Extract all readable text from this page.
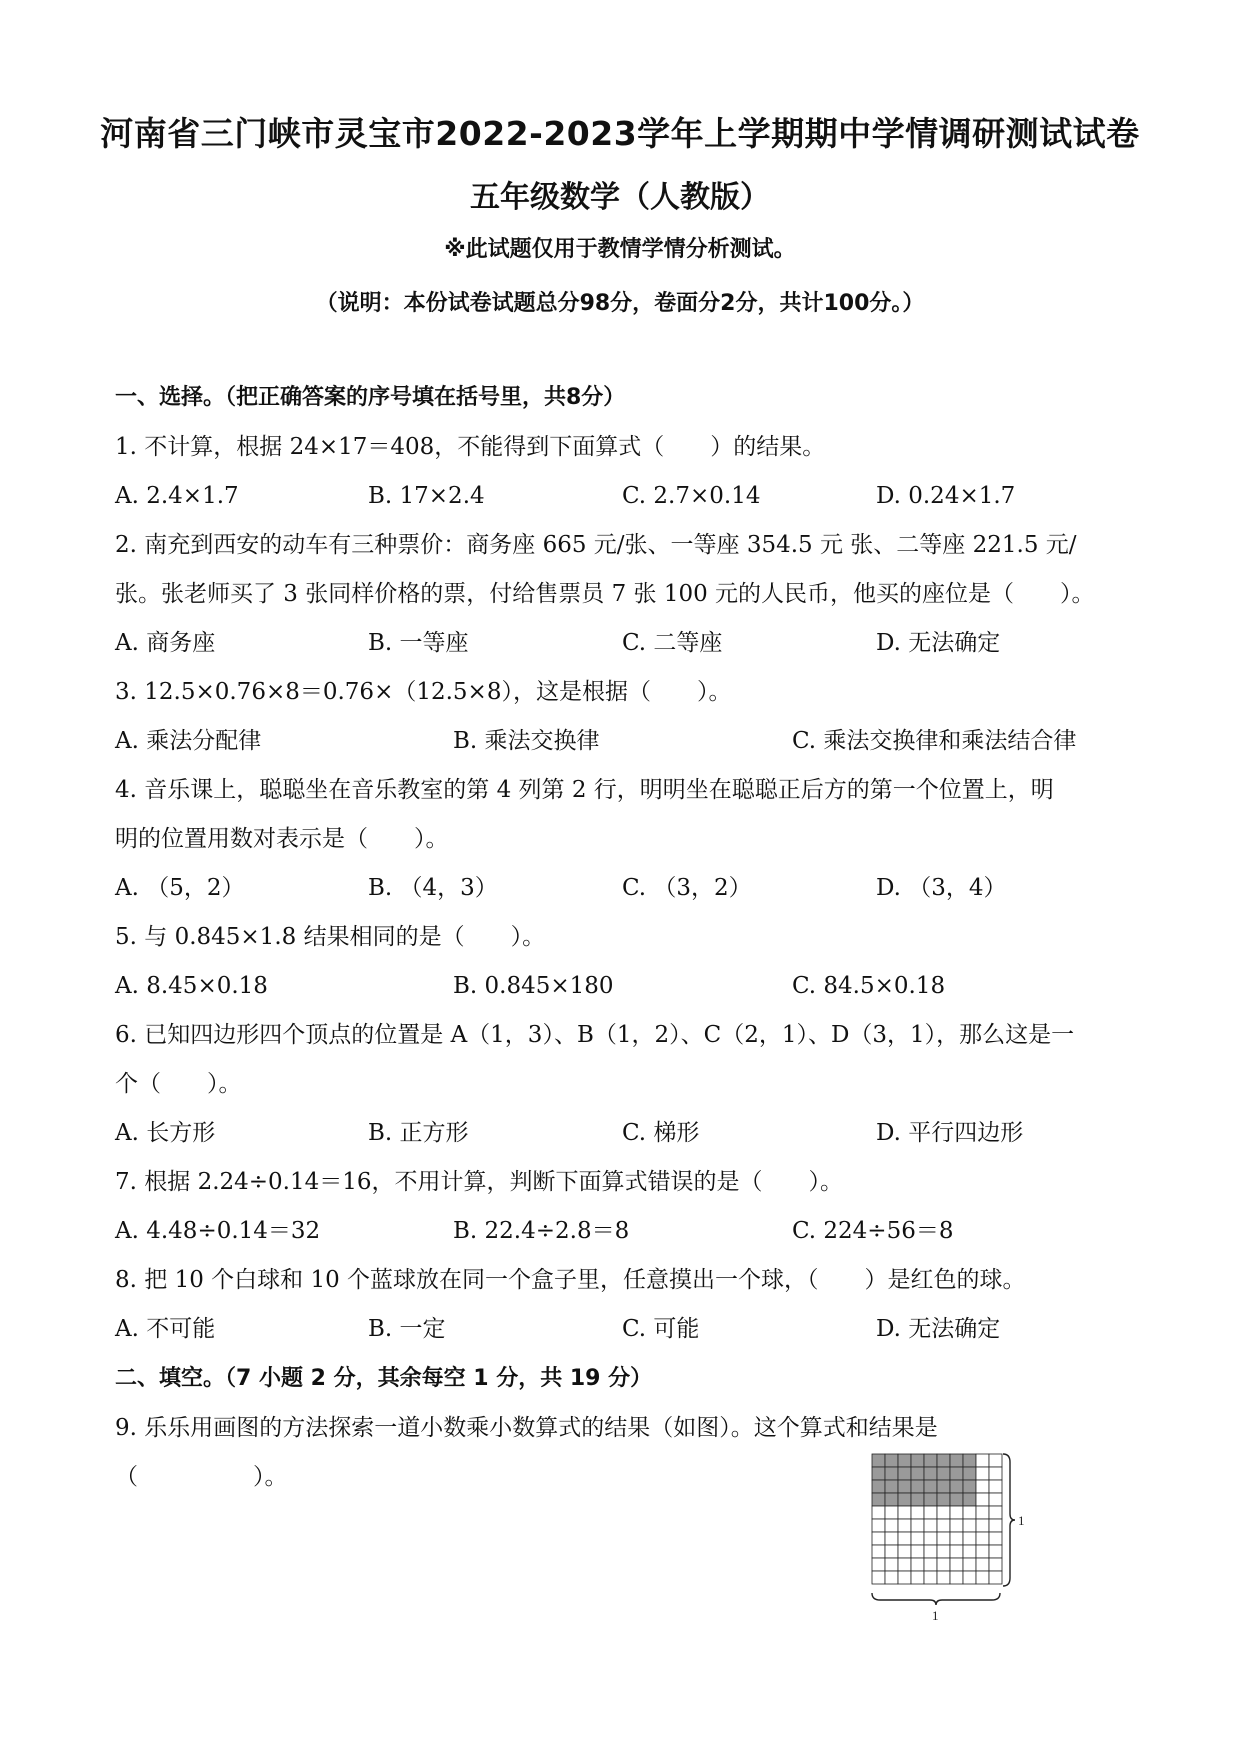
河南省三门峡市灵宝市2022-2023学年上学期期中学情调研测试试卷
五年级数学（人教版）
※此试题仅用于教情学情分析测试。
（说明：本份试卷试题总分98分，卷面分2分，共计100分。）
一、选择。（把正确答案的序号填在括号里，共8分）
1. 不计算，根据 24×17＝408，不能得到下面算式（　　）的结果。
A. 2.4×1.7	B. 17×2.4	C. 2.7×0.14	D. 0.24×1.7
2. 南充到西安的动车有三种票价：商务座 665 元/张、一等座 354.5 元 张、二等座 221.5 元/
张。张老师买了 3 张同样价格的票，付给售票员 7 张 100 元的人民币，他买的座位是（　　）。
A. 商务座	B. 一等座	C. 二等座	D. 无法确定
3. 12.5×0.76×8＝0.76×（12.5×8），这是根据（　　）。
A. 乘法分配律	B. 乘法交换律	C. 乘法交换律和乘法结合律
4. 音乐课上，聪聪坐在音乐教室的第 4 列第 2 行，明明坐在聪聪正后方的第一个位置上，明
明的位置用数对表示是（　　）。
A. （5，2）	B. （4，3）	C. （3，2）	D. （3，4）
5. 与 0.845×1.8 结果相同的是（　　）。
A. 8.45×0.18	B. 0.845×180	C. 84.5×0.18
6. 已知四边形四个顶点的位置是 A（1，3）、B（1，2）、C（2，1）、D（3，1），那么这是一
个（　　）。
A. 长方形	B. 正方形	C. 梯形	D. 平行四边形
7. 根据 2.24÷0.14＝16，不用计算，判断下面算式错误的是（　　）。
A. 4.48÷0.14＝32	B. 22.4÷2.8＝8	C. 224÷56＝8
8. 把 10 个白球和 10 个蓝球放在同一个盒子里，任意摸出一个球，（　　）是红色的球。
A. 不可能	B. 一定	C. 可能	D. 无法确定
二、填空。（7 小题 2 分，其余每空 1 分，共 19 分）
9. 乐乐用画图的方法探索一道小数乘小数算式的结果（如图）。这个算式和结果是
（　　　　　）。
1
1
